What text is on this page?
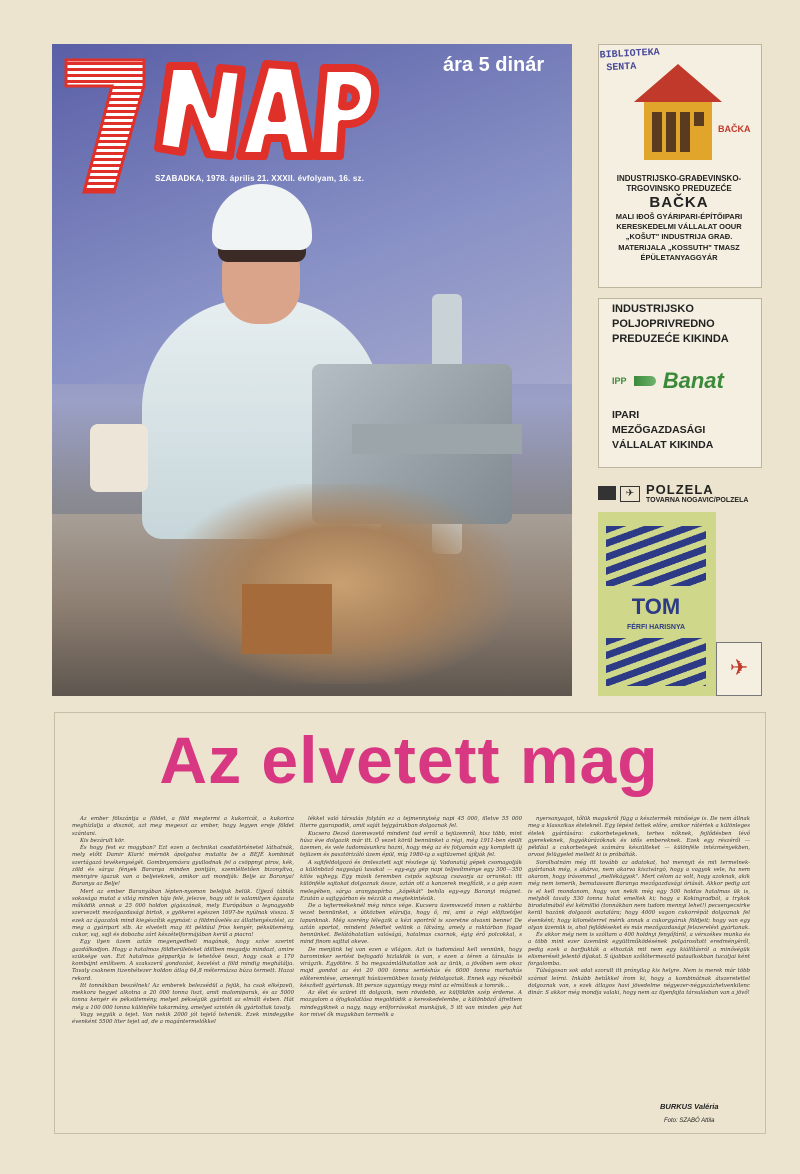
SZABADKA, 1978. április 21. XXXII. évfolyam, 16. sz.
ára 5 dinár	BIBLIOTEKA
SENTA
BAČKA
INDUSTRIJSKO-GRAĐEVINSKO-TRGOVINSKO PREDUZEĆE
BAČKA
MALI IĐOŠ GYÁRIPARI-ÉPÍTŐIPARI KERESKEDELMI VÁLLALAT OOUR „KOŠUT" INDUSTRIJA GRAĐ. MATERIJALA „KOSSUTH" TMASZ ÉPÜLETANYAGGYÁR
INDUSTRIJSKO POLJOPRIVREDNO PREDUZEĆE KIKINDA
IPP Banat
IPARI MEZŐGAZDASÁGI VÁLLALAT KIKINDA
✈ POLZELA
TOVARNA NOGAVIC/POLZELA
TOM
FÉRFI HARISNYA
✈
Az elvetett mag

Az ember fölszántja a földet, a föld megtermi a kukoricát, a kukorica meghízlalja a disznót, azt meg megeszi az ember, hogy legyen ereje földet szántani.

Kis bezárult kör.

És hogy fest ez mogyban? Ezt ezen a technikai csodatörténetet láthatnák, mely előtt Damir Klarić mérnök ápolgatva mutatta be a BEJÉ kombinát szertágazó tevékenységét. Gombnyomásra gyullodnak fel a csöppnyi piros, kék, zöld és sárga fények Baranya minden pontján, szemléltetően bizonyítva, mennyire igazuk van a beljeieknek, amikor azt mondják: Belje az Baranya! Baranya az Belje!

Mert az ember Baranyában lépten-nyomon beleljuk belük. Újjező táblák sokasága mutat a világ minden tája felé, jelezve, hogy ott is valamilyen ágazata működik annak a 25 000 holdon gigászának, mely Európában a legnagyobb szervezett mezőgazdasági birtok, s gyökerei egészen 1697-be nyúlnak vissza. S ezek az ágazatok mind kiegészítik egymást: a földművelés az állattenyésztést, az meg a gyáripart stb. Az elvetett mag itt például friss kenyér, péksütemény, cukor, vaj, sajt és dobozba zárt készételformájában kerül a piacra!

Egy ilyen üzem aztán megengedheti magának, hogy szíve szerint gazdálkodjon. Hogy a hatalmas földterületeket idillben megadja mindazt, amire szüksége van. Ezt hatalmas gépparkja is lehetővé teszi, hogy csak a 170 kombájnt említsem. A szakszerű gondozást, kezelést a föld mindig meghálálja. Tavaly csaknem tizenhétezer holdon átlag 64,8 métermázsa búza termett. Hazai rekord.

Itt tonnákban beszélnek! Az emberek belezsédül a fejük, ha csak elképzeli, mekkora hegyet alkotna a 20 000 tonna liszt, amit malomiparuk, és az 5000 tonna kenyér és péksütemény, melyet pékségük gyártott az elmúlt évben. Hát még a 100 000 tonna különféle takarmány, amelyet szintén ők gyártottak tavaly.

Vagy vegyük a tejet. Van nekik 2000 jól tejelő tehenük. Ezek mindegyike évenként 5500 liter tejet ad, de a magántermelőkkel

lékkel való társulás folytán ez a tejmennyiség napi 45 000, illetve 55 000 literre gyarapodik, amit saját tejgyárukban dolgoznak fel.

Kucsera Dezső üzemvezető mindent tud erről a tejüzemről, hisz több, mint húsz éve dolgozik már itt. Ő vezet körül bennünket a régi, még 1911-ben épült üzemen, és vele tudomásunkra hozni, hogy még az év folyamán egy komplett új tejüzem és pasztörizáló üzem épül, míg 1980-ig a sajtüzemet újítják fel.

A sajtfeldolgozó és ömlesztett sajt részlege új. Vadonatúj gépek csomagolják a különböző nagyságú tasakat — egy-egy gép napi teljesítménye egy 300—350 kilós vajhegy. Egy másik teremben csipős sajtszag csavarja az orrunkat: itt különféle sajtokat dolgoznak össze, aztán ott a kanzerek megfőzik, s a gép ezen melegében, sárga aranypapírba „kópékát" behíla egy-egy Baranyi mágnet. Ezután a sajtgyárban és nézzük a megtekintésük.

De a tejtermékeknél még nincs vége. Kucsera üzemvezető innen a raktárba vezet bennünket, s útközben elárulja, hogy ő, mi, ami a régi elöfizetőjei lapunknak. Még szerény lélegzik a kézi sportról is szeretne olvasni benne! De aztán sportot, mindent feledtet velünk a látvány, amely a raktárban fogad bennünket. Belátóhatatlan valóságú, hatalmas csarnok, égig érő polcokkal, s mind finom sajttal okeve.

De menjünk tej van ezen a világon. Azt is tudomásul kell vennünk, hogy barominker sertést befogadó hizlaldák is van, s ezen a téren a társulás is virágzik. Egyötöre. S ha megszámlálhatatlan sok az ürük, a jövőben sem okoz majd gondot az évi 20 000 tonna sertéshús és 6000 tonna marhahús előteremtése, amennyit húsüzemükben tavaly feldolgoztak. Ennek egy részéből készített gyártanak. Itt persze ugyanúgy megy mint az elmúltsuk a tomrák...

Az élet és szüret itt dolgozik, nem rövidebb, ez külföldön szép érdeme. A mozgalom a ófogkolatlása megoldódik a kereskedelembe, a különböző áfrettem mindegyiknek a nagy, nagy erőforrásokat munkájuk, 5 itt van minden gép hat kor mivel ők magukban termelik a

nyersanyagot, tőlük magukról függ a késztermék minősége is. De nem állnak meg a klasszikus ételeknél. Egy lépést tettek előre, amikor rátértek a különleges ételek gyártására: cukorbetegeknek, terhes nőknek, fejlődésben lévő gyerekeknek, fogyókúrázóknak és idős embereknek. Ezek egy részéről — például a cukorbetegek számára készülteket — különféle intézményekben, orvosi felügyelet mellett ki is próbálták.

Sorolhatnám még itt tovább az adatokat, hol mennyit és mit termelnek-gyártanak még, s akárva, nem akarva kiszivárgó, hogy a vagyok vele, ha nem akarom, hogy írásommal „mellékágyok". Mert célom az volt, hogy azoknak, akik még nem ismerik, bemutassam Baranya mezőgazdasági óriását. Akkor pedig azt is el kell mondanom, hogy van nekik még egy 500 holdas hatalmas ük is, melyből tavaly 530 tonna halat emeltek ki; hogy a Kokingradból, a trykok birodalmából évi kétmillió (tonnákban nem tudom mennyi lehet!) pecsenyecsirke kerül hazánk dolgozói asztalára; hogy 4000 vagon cukorrépát dolgoznak fel évenként; hogy kilométerrel mérik annak a cukorgyáruk földjeit; hogy van egy olyan üzemük is, ahol fejlődéseket és más mezőgazdasági felszerelést gyártanak.

És akkor még nem is szóltam a 400 holdnyi fenyőfáról, a vérszékes munka és a több mint ezer üzemünk együttműködésének polgárosított eredményéről, pedig ezek a barfjukták a elhozták mit nem egy kiállításról a minőségük elismerését jelentő díjakat. S újabban szőlőtermesztő pataalkokban tucatjai ként forgalomba.

Túlságosan sok adat szorult itt prónyilag kis helyre. Nem is merek már több számot leírni. Inkább betűkkel írom ki, hogy a kombinátnak átszeretettel dolgoznak van, s ezek átlagos havi jövedelme négyezer-négyszázhetvenkilenc dinár. S akkor még mondja valaki, hogy nem az ilyenfajta társulásban van a jövő!

BURKUS Valéria
Foto: SZABÓ Attila
